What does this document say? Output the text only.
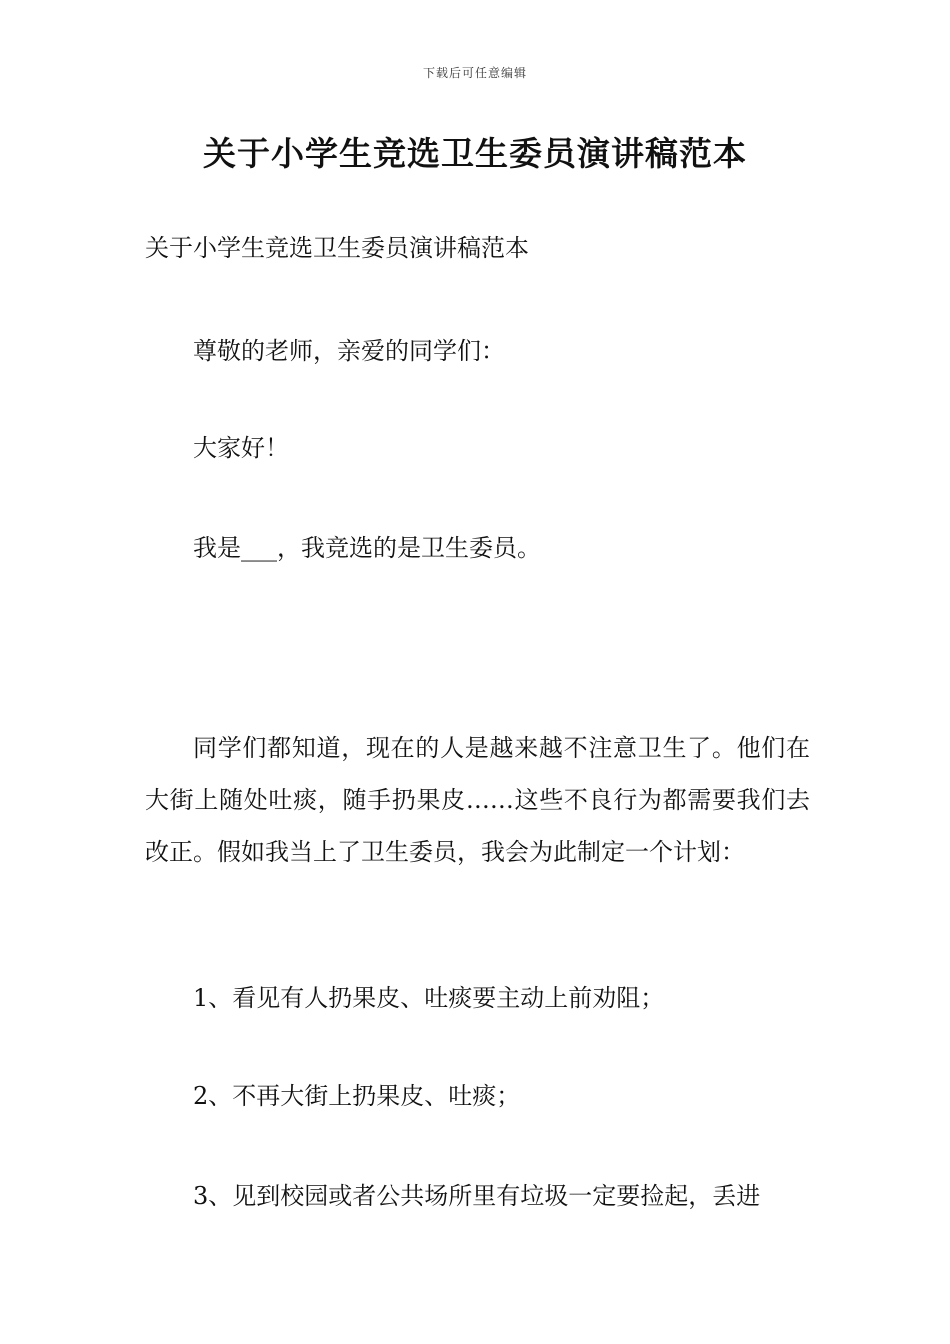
下载后可任意编辑
关于小学生竞选卫生委员演讲稿范本

关于小学生竞选卫生委员演讲稿范本

尊敬的老师，亲爱的同学们：

大家好！

我是___，我竞选的是卫生委员。

同学们都知道，现在的人是越来越不注意卫生了。他们在大街上随处吐痰，随手扔果皮……这些不良行为都需要我们去改正。假如我当上了卫生委员，我会为此制定一个计划：

1、看见有人扔果皮、吐痰要主动上前劝阻；

2、不再大街上扔果皮、吐痰；

3、见到校园或者公共场所里有垃圾一定要捡起，丢进
